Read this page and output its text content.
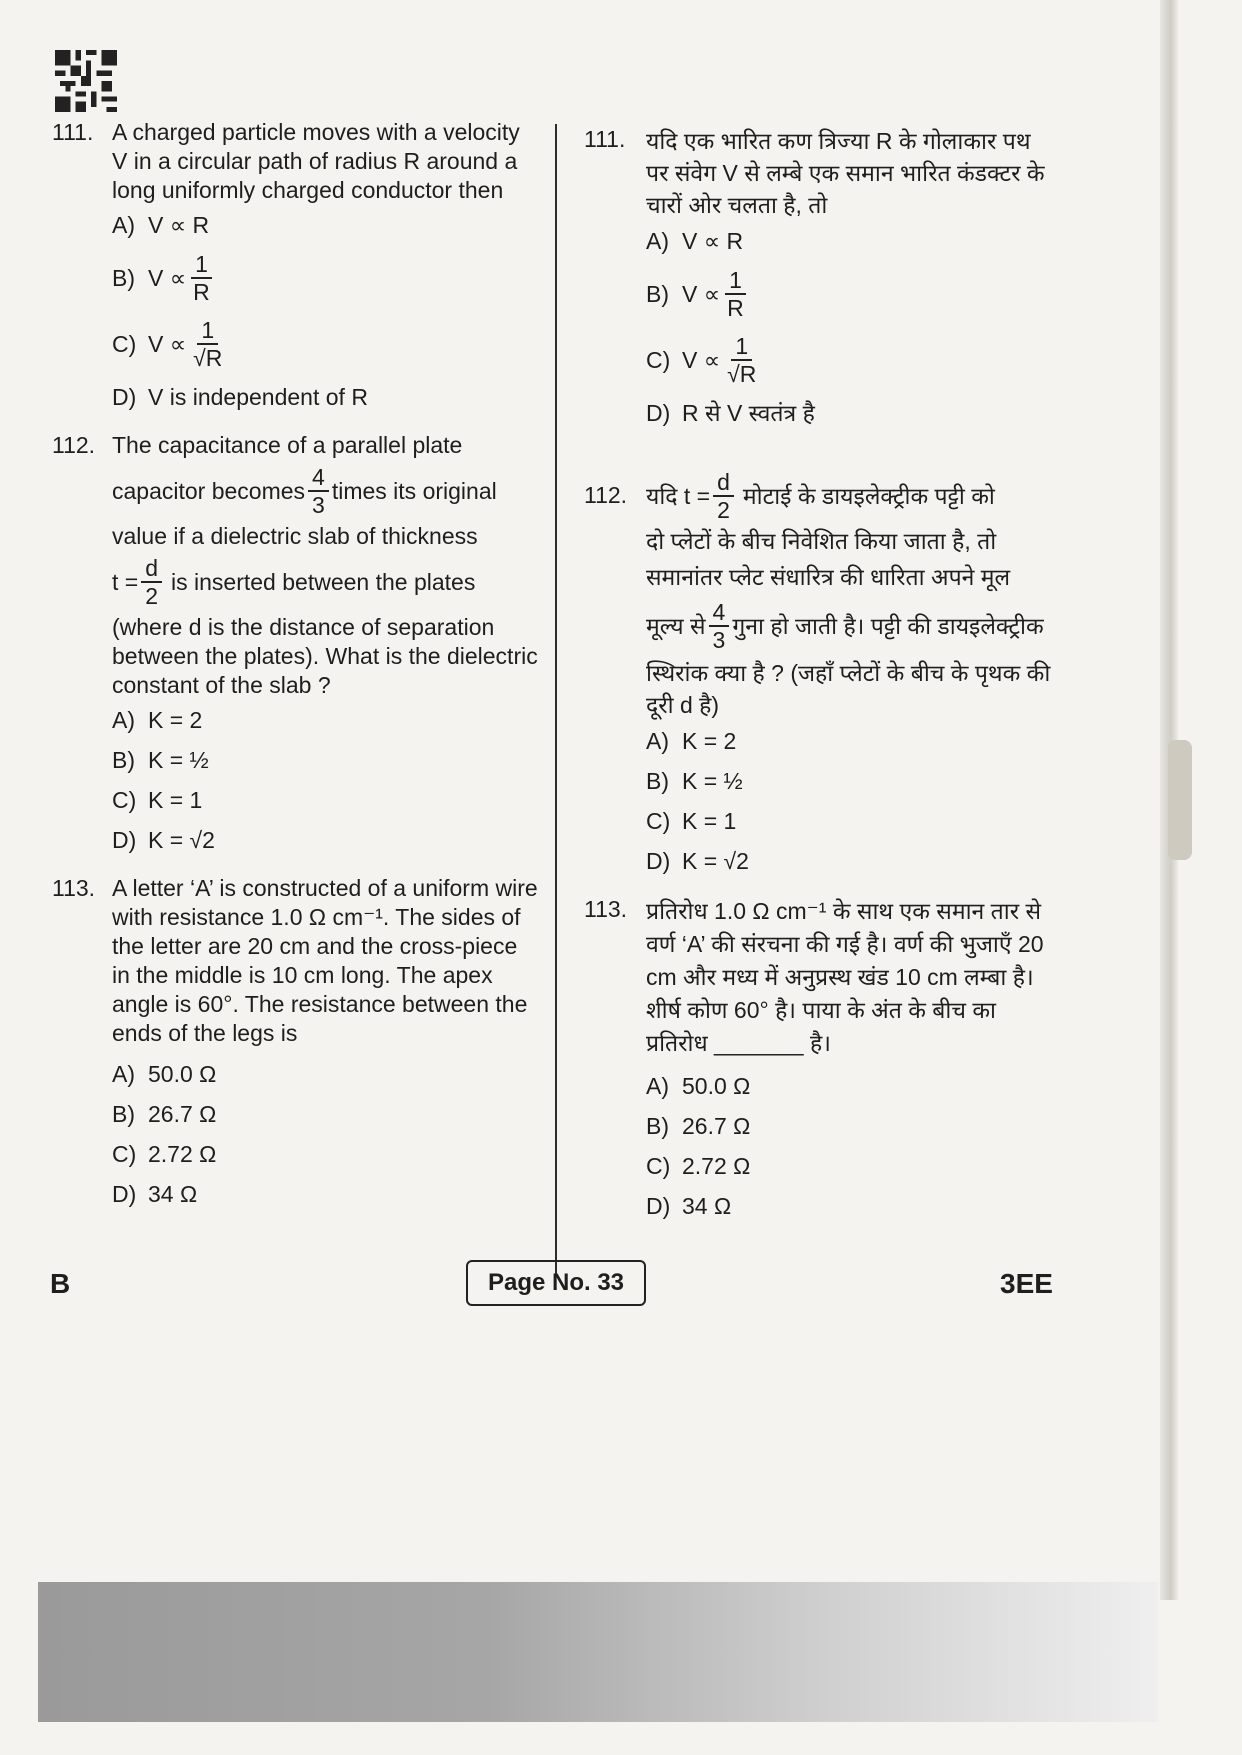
111. A charged particle moves with a velocity V in a circular path of radius R around a long uniformly charged conductor then
A) V ∝ R
B) $V \propto \frac{1}{R}$
C) $V \propto \frac{1}{√R}$
D) V is independent of R
112. The capacitance of a parallel plate
capacitor becomes $\frac{4}{3}$ times its original
value if a dielectric slab of thickness
$t = \frac{d}{2}$ is inserted between the plates
(where d is the distance of separation between the plates). What is the dielectric constant of the slab ?
A) K = 2
B) K = ½
C) K = 1
D) K = √2
113. A letter ‘A’ is constructed of a uniform wire with resistance 1.0 Ω cm⁻¹. The sides of the letter are 20 cm and the cross-piece in the middle is 10 cm long. The apex angle is 60°. The resistance between the ends of the legs is
A) 50.0 Ω
B) 26.7 Ω
C) 2.72 Ω
D) 34 Ω
111. यदि एक भारित कण त्रिज्या R के गोलाकार पथ पर संवेग V से लम्बे एक समान भारित कंडक्टर के चारों ओर चलता है, तो
A) V ∝ R
B) $V \propto \frac{1}{R}$
C) $V \propto \frac{1}{√R}$
D) R से V स्वतंत्र है
112. यदि $t = \frac{d}{2}$ मोटाई के डायइलेक्ट्रीक पट्टी को
दो प्लेटों के बीच निवेशित किया जाता है, तो समानांतर प्लेट संधारित्र की धारिता अपने मूल
मूल्य से $\frac{4}{3}$ गुना हो जाती है। पट्टी की डायइलेक्ट्रीक
स्थिरांक क्या है ? (जहाँ प्लेटों के बीच के पृथक की दूरी d है)
A) K = 2
B) K = ½
C) K = 1
D) K = √2
113. प्रतिरोध 1.0 Ω cm⁻¹ के साथ एक समान तार से वर्ण ‘A’ की संरचना की गई है। वर्ण की भुजाएँ 20 cm और मध्य में अनुप्रस्थ खंड 10 cm लम्बा है। शीर्ष कोण 60° है। पाया के अंत के बीच का प्रतिरोध _______ है।
A) 50.0 Ω
B) 26.7 Ω
C) 2.72 Ω
D) 34 Ω
B	Page No. 33	3EE
